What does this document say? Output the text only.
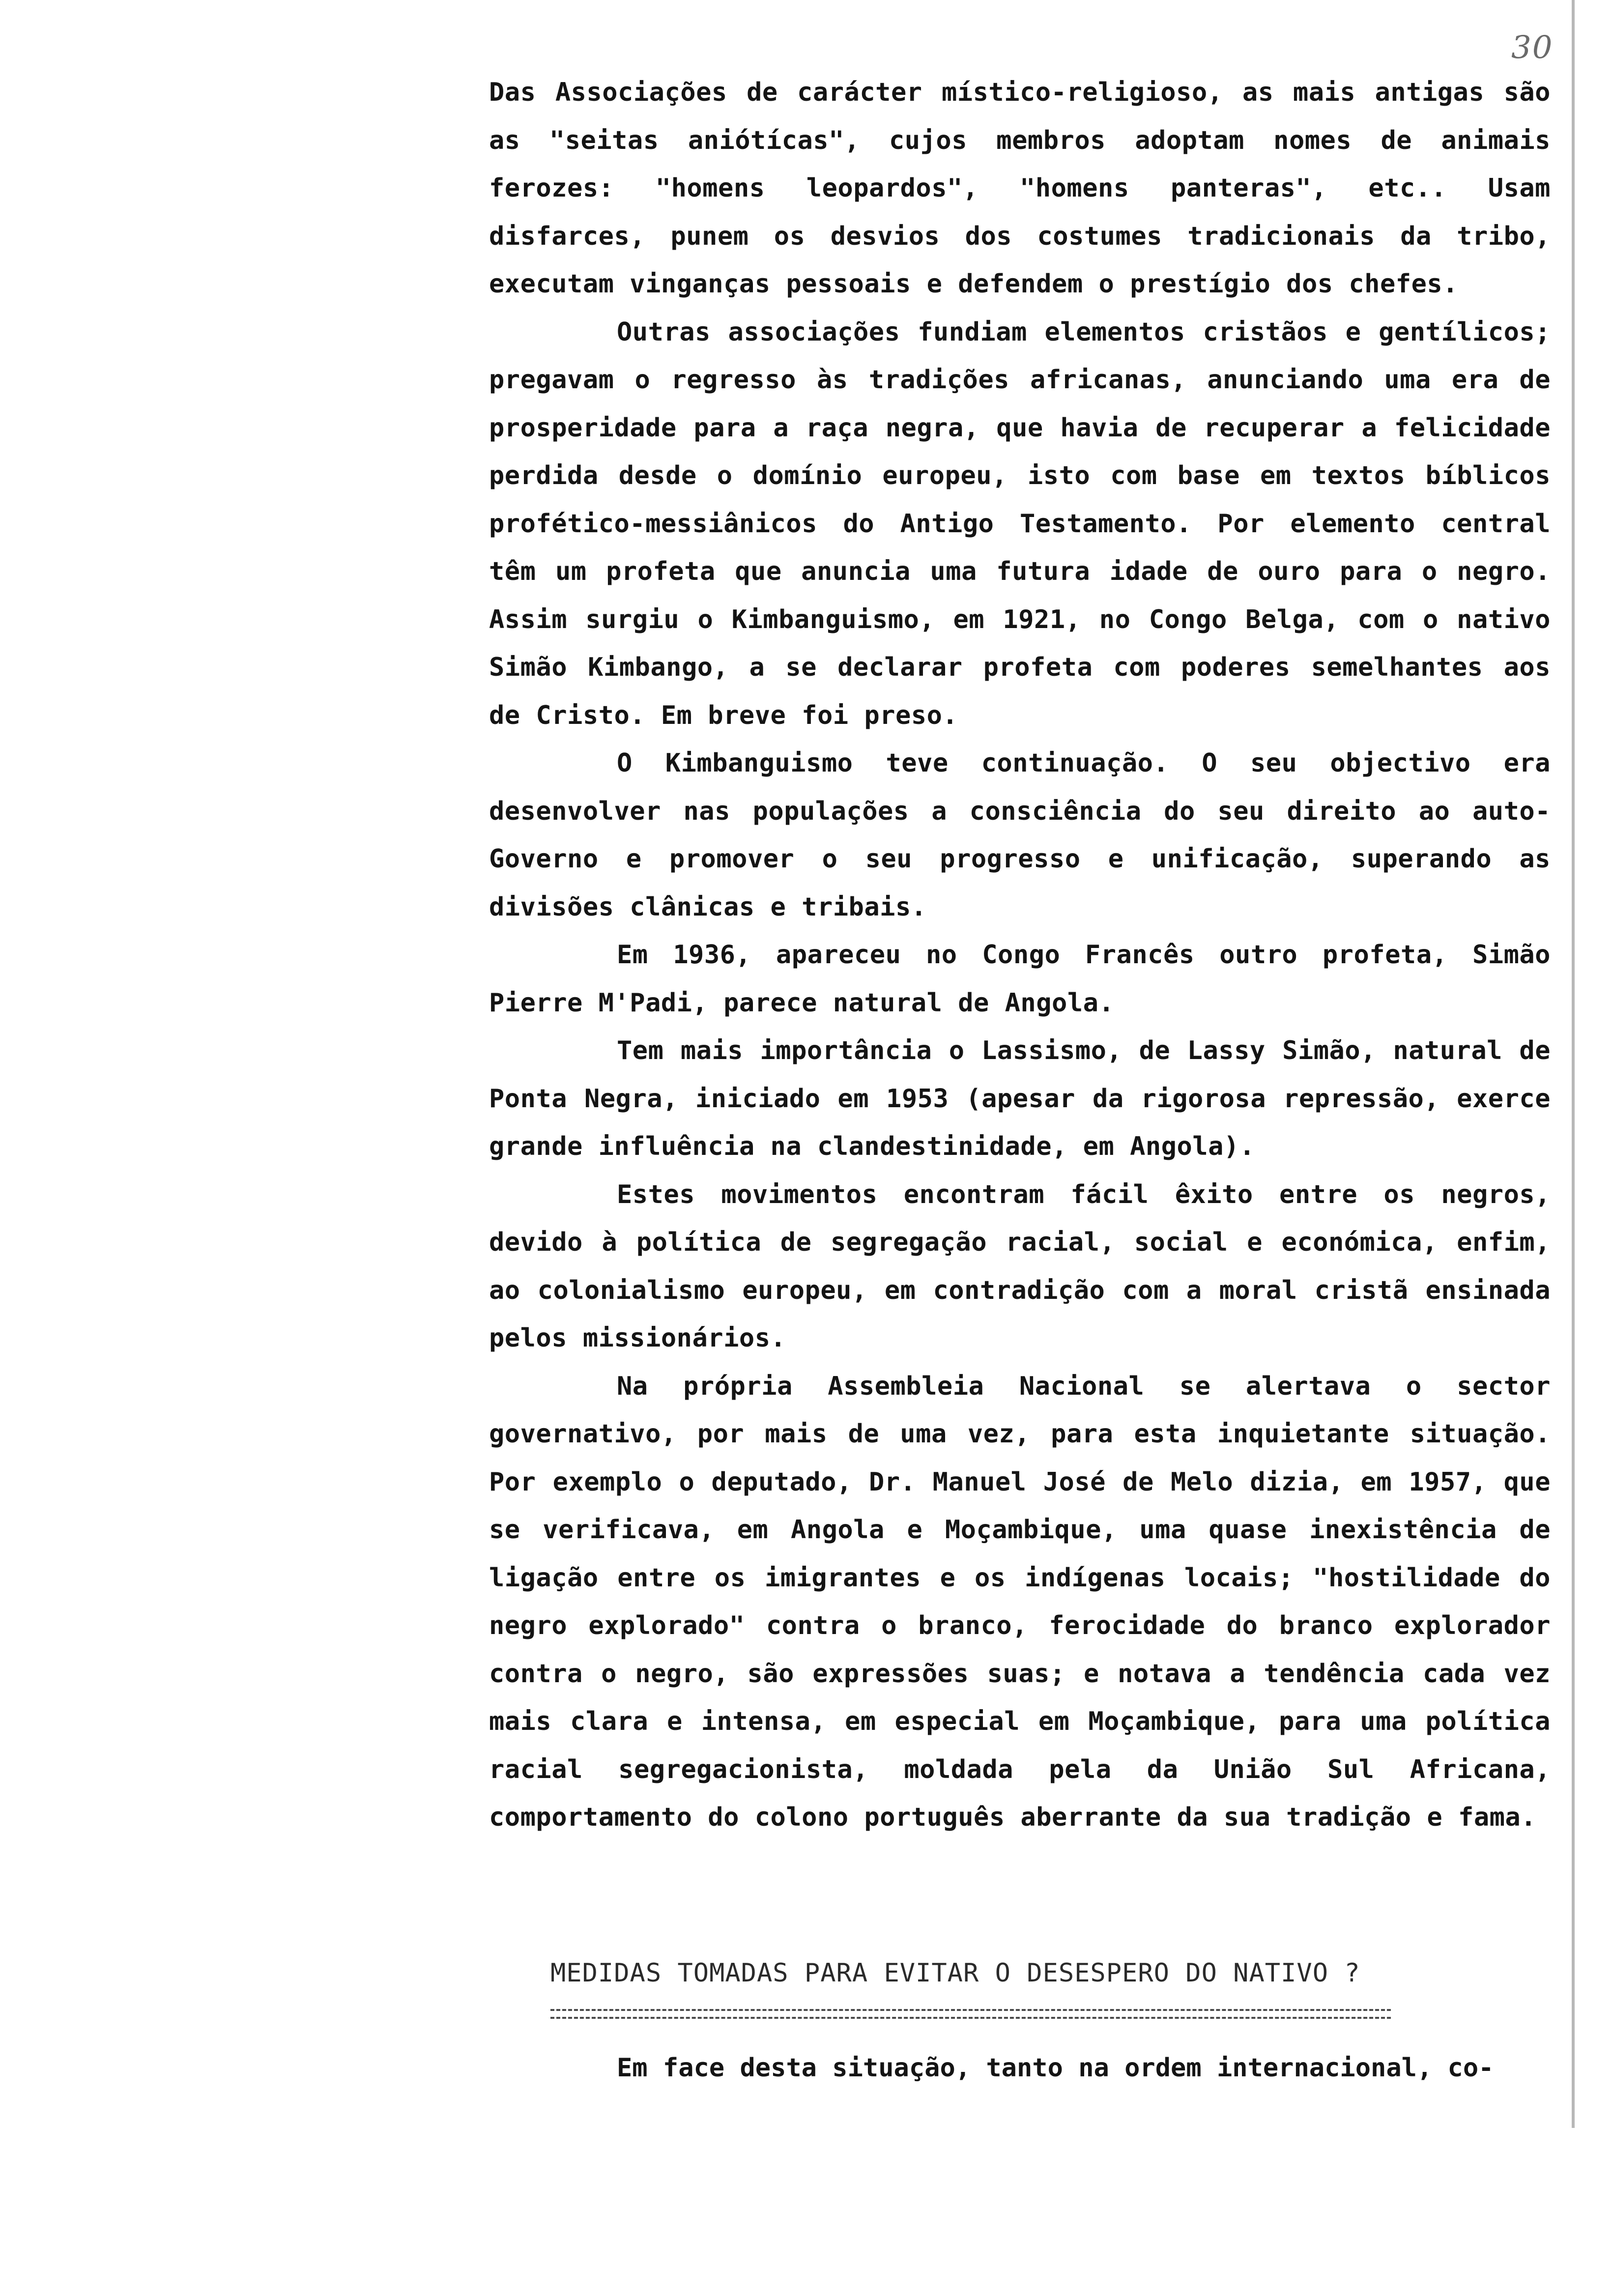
30

Das Associações de carácter místico-religioso, as mais antigas são as "seitas aniótícas", cujos membros adoptam nomes de animais ferozes: "homens leopardos", "homens panteras", etc.. Usam disfarces, punem os desvios dos costumes tradicionais da tribo, executam vinganças pessoais e defendem o prestígio dos chefes.

Outras associações fundiam elementos cristãos e gentílicos; pregavam o regresso às tradições africanas, anunciando uma era de prosperidade para a raça negra, que havia de recuperar a felicidade perdida desde o domínio europeu, isto com base em textos bíblicos profético-messiânicos do Antigo Testamento. Por elemento central têm um profeta que anuncia uma futura idade de ouro para o negro. Assim surgiu o Kimbanguismo, em 1921, no Congo Belga, com o nativo Simão Kimbango, a se declarar profeta com poderes semelhantes aos de Cristo. Em breve foi preso.

O Kimbanguismo teve continuação. O seu objectivo era desenvolver nas populações a consciência do seu direito ao auto-Governo e promover o seu progresso e unificação, superando as divisões clânicas e tribais.

Em 1936, apareceu no Congo Francês outro profeta, Simão Pierre M'Padi, parece natural de Angola.

Tem mais importância o Lassismo, de Lassy Simão, natural de Ponta Negra, iniciado em 1953 (apesar da rigorosa repressão, exerce grande influência na clandestinidade, em Angola).

Estes movimentos encontram fácil êxito entre os negros, devido à política de segregação racial, social e económica, enfim, ao colonialismo europeu, em contradição com a moral cristã ensinada pelos missionários.

Na própria Assembleia Nacional se alertava o sector governativo, por mais de uma vez, para esta inquietante situação. Por exemplo o deputado, Dr. Manuel José de Melo dizia, em 1957, que se verificava, em Angola e Moçambique, uma quase inexistência de ligação entre os imigrantes e os indígenas locais; "hostilidade do negro explorado" contra o branco, ferocidade do branco explorador contra o negro, são expressões suas; e notava a tendência cada vez mais clara e intensa, em especial em Moçambique, para uma política racial segregacionista, moldada pela da União Sul Africana, comportamento do colono português aberrante da sua tradição e fama.

MEDIDAS TOMADAS PARA EVITAR O DESESPERO DO NATIVO ?
Em face desta situação, tanto na ordem internacional, co-
